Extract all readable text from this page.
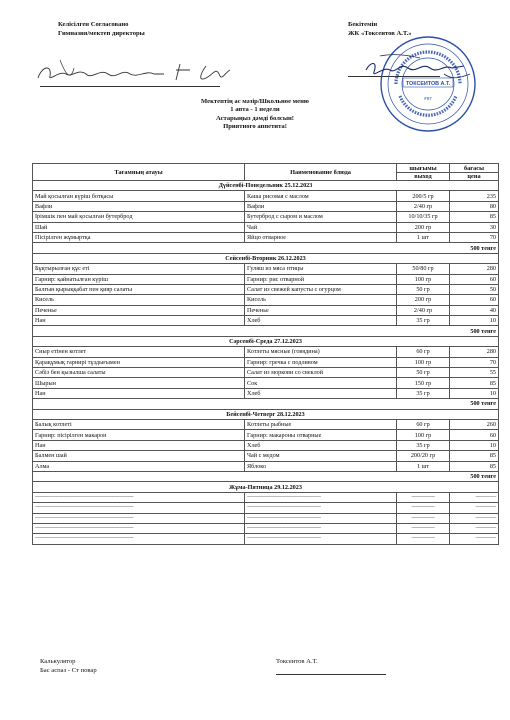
Келісілген Согласовано
Гимназия/мектеп директоры
Бекітемін
ЖК «Токсеитов А.Т.»
ТОКСЕИТОВ А.Т.
#97
Мектептің ас мәзір/Школьное меню
1 апта - 1 недели
Астарыңыз дәмді болсын!
Приятного аппетита!
Тағамның атауы	Наименование блюда	шығымы	бағасы
		выход	цена
Дүйсенбі-Понедельник 25.12.2023			
Май қосылған күріш ботқасы	Каша рисовая с маслом	200/5 гр	235
Вафли	Вафли	2/40 гр	80
Ірімшік пен май қосылған бутерброд	Бутерброд с сыром и маслом	10/10/35 гр	85
Шай	Чай	200 гр	30
Пісірілген жұмыртқа	Яйцо отварное	1 шт	70
500 тенге			
Сейсенбі-Вторник 26.12.2023			
Бұқтырылған құс еті	Гуляш из мяса птицы	50/80 гр	280
Гарнир: қайнатылған күріш	Гарнир: рис отварной	100 гр	60
Балғын қырыққабат пен қияр салаты	Салат из свежей капусты с огурцом	50 гр	50
Кисель	Кисель	200 гр	60
Печенье	Печенье	2/40 гр	40
Нан	Хлеб	35 гр	10
500 тенге			
Сәрсенбі-Среда 27.12.2023			
Сиыр етінен котлет	Котлеты мясные (говядина)	60 гр	280
Қарақұмық гарнирі тұздығымен	Гарнир: гречка с подливом	100 гр	70
Сәбіз бен қызылша салаты	Салат из моркови со свеклой	50 гр	55
Шырын	Сок	150 гр	85
Нан	Хлеб	35 гр	10
500 тенге			
Бейсенбі-Четверг 28.12.2023			
Балық котлеті	Котлеты рыбные	60 гр	260
Гарнир: пісірілген макарон	Гарнир: макароны отварные	100 гр	60
Нан	Хлеб	35 гр	10
Балмен шай	Чай с медом	200/20 гр	85
Алма	Яблоко	1 шт	85
500 тенге			
Жұма-Пятница 29.12.2023			
------------------------------------------------------------------------	------------------------------------------------------	-----------------	---------------
------------------------------------------------------------------------	------------------------------------------------------	-----------------	---------------
------------------------------------------------------------------------	------------------------------------------------------	-----------------	---------------
------------------------------------------------------------------------	------------------------------------------------------	-----------------	---------------
------------------------------------------------------------------------	------------------------------------------------------	-----------------	---------------
Калькулятор
Бас аспаз - Ст повар
Токсеитов А.Т.
